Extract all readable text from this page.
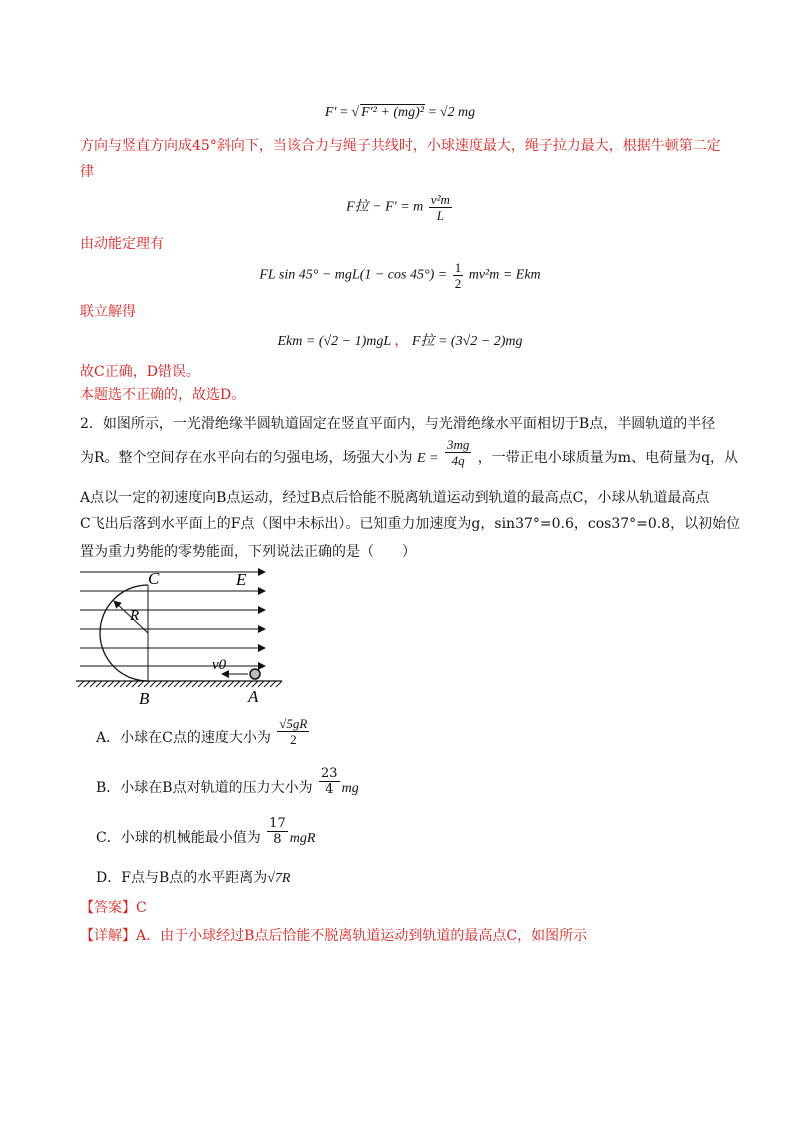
F′ = √ F′² + (mg)² = √2 mg
方向与竖直方向成45°斜向下，当该合力与绳子共线时，小球速度最大，绳子拉力最大，根据牛顿第二定
律
F拉 − F′ = m $\frac{\text{v²m}}{L}$
由动能定理有
FL $\sin 45^\circ - mgL(1 - \cos 45^\circ) = \frac{1}{2} mv^2m$ = Ekm
联立解得
Ekm = (√2 − 1)mgL ， F拉 = (3√2 − 2)mg
故C正确，D错误。
本题选不正确的，故选D。
2．如图所示，一光滑绝缘半圆轨道固定在竖直平面内，与光滑绝缘水平面相切于B点，半圆轨道的半径
为R。整个空间存在水平向右的匀强电场，场强大小为 $E = \frac{3mg}{4q}$ ，一带正电小球质量为m、电荷量为q，从
A点以一定的初速度向B点运动，经过B点后恰能不脱离轨道运动到轨道的最高点C，小球从轨道最高点
C飞出后落到水平面上的F点（图中未标出）。已知重力加速度为g，sin37°=0.6，cos37°=0.8，以初始位
置为重力势能的零势能面，下列说法正确的是（　　）
C	E
R
v0
B	A
A．小球在C点的速度大小为 $\frac{√5gR}{2}$
B．小球在B点对轨道的压力大小为 $\frac{23}{4}$ mg
C．小球的机械能最小值为 $\frac{17}{8}$ mgR
D．F点与B点的水平距离为√7R
【答案】C
【详解】A．由于小球经过B点后恰能不脱离轨道运动到轨道的最高点C，如图所示
